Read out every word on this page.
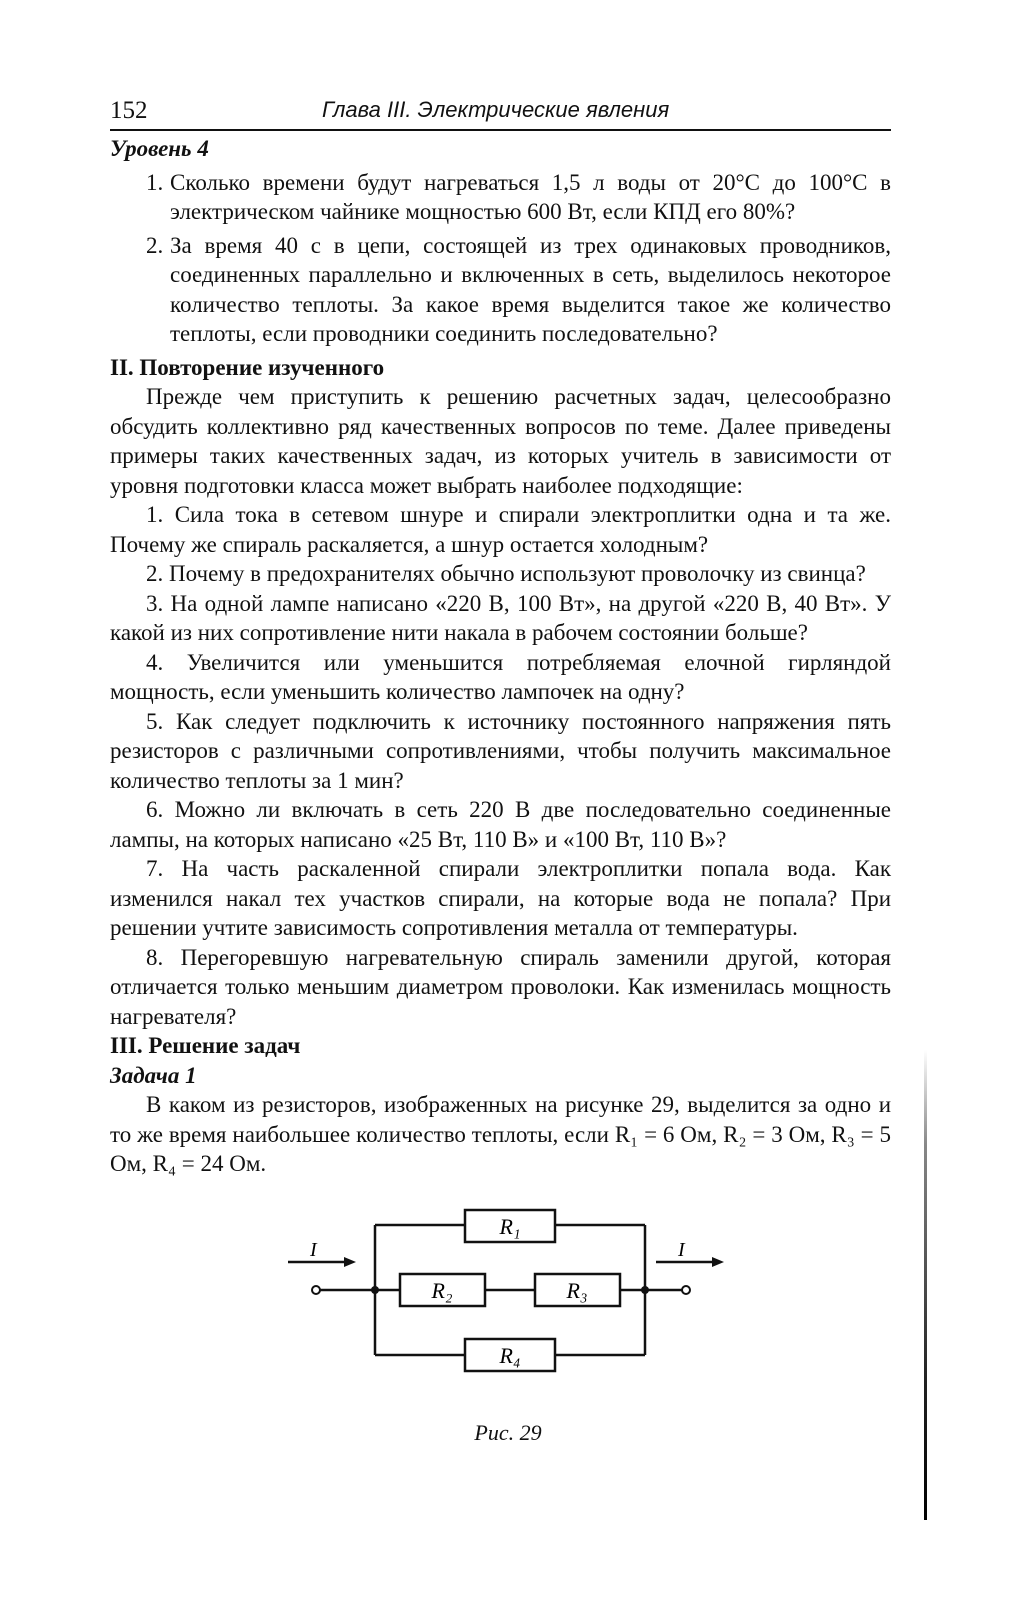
152	Глава III. Электрические явления

Уровень 4

1. Сколько времени будут нагреваться 1,5 л воды от 20°С до 100°С в электрическом чайнике мощностью 600 Вт, если КПД его 80%?
2. За время 40 с в цепи, состоящей из трех одинаковых проводников, соединенных параллельно и включенных в сеть, выделилось некоторое количество теплоты. За какое время выделится такое же количество теплоты, если проводники соединить последовательно?

II. Повторение изученного

Прежде чем приступить к решению расчетных задач, целесообразно обсудить коллективно ряд качественных вопросов по теме. Далее приведены примеры таких качественных задач, из которых учитель в зависимости от уровня подготовки класса может выбрать наиболее подходящие:

1. Сила тока в сетевом шнуре и спирали электроплитки одна и та же. Почему же спираль раскаляется, а шнур остается холодным?

2. Почему в предохранителях обычно используют проволочку из свинца?

3. На одной лампе написано «220 В, 100 Вт», на другой «220 В, 40 Вт». У какой из них сопротивление нити накала в рабочем состоянии больше?

4. Увеличится или уменьшится потребляемая елочной гирляндой мощность, если уменьшить количество лампочек на одну?

5. Как следует подключить к источнику постоянного напряжения пять резисторов с различными сопротивлениями, чтобы получить максимальное количество теплоты за 1 мин?

6. Можно ли включать в сеть 220 В две последовательно соединенные лампы, на которых написано «25 Вт, 110 В» и «100 Вт, 110 В»?

7. На часть раскаленной спирали электроплитки попала вода. Как изменился накал тех участков спирали, на которые вода не попала? При решении учтите зависимость сопротивления металла от температуры.

8. Перегоревшую нагревательную спираль заменили другой, которая отличается только меньшим диаметром проволоки. Как изменилась мощность нагревателя?

III. Решение задач

Задача 1

В каком из резисторов, изображенных на рисунке 29, выделится за одно и то же время наибольшее количество теплоты, если R₁ = 6 Ом, R₂ = 3 Ом, R₃ = 5 Ом, R₄ = 24 Ом.

R₁
R₂	R₃
R₄
I	I
Рис. 29
